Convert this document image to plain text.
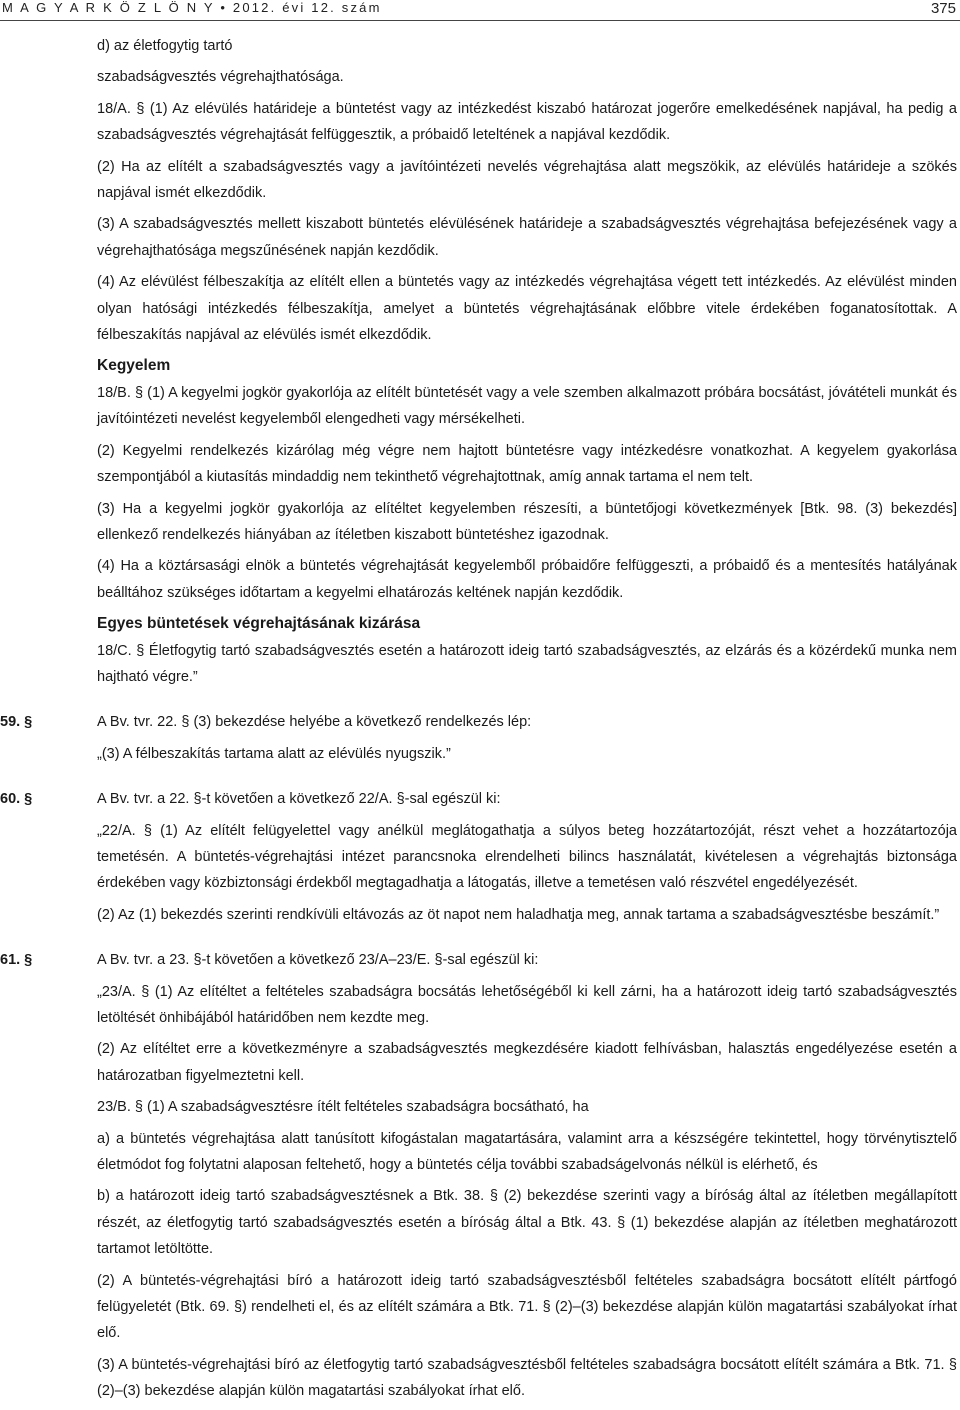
M A G Y A R K Ö Z L Ö N Y • 2012. évi 12. szám	375

d) az életfogytig tartó

szabadságvesztés végrehajthatósága.

18/A. § (1) Az elévülés határideje a büntetést vagy az intézkedést kiszabó határozat jogerőre emelkedésének napjával, ha pedig a szabadságvesztés végrehajtását felfüggesztik, a próbaidő leteltének a napjával kezdődik.

(2) Ha az elítélt a szabadságvesztés vagy a javítóintézeti nevelés végrehajtása alatt megszökik, az elévülés határideje a szökés napjával ismét elkezdődik.

(3) A szabadságvesztés mellett kiszabott büntetés elévülésének határideje a szabadságvesztés végrehajtása befejezésének vagy a végrehajthatósága megszűnésének napján kezdődik.

(4) Az elévülést félbeszakítja az elítélt ellen a büntetés vagy az intézkedés végrehajtása végett tett intézkedés. Az elévülést minden olyan hatósági intézkedés félbeszakítja, amelyet a büntetés végrehajtásának előbbre vitele érdekében foganatosítottak. A félbeszakítás napjával az elévülés ismét elkezdődik.

Kegyelem

18/B. § (1) A kegyelmi jogkör gyakorlója az elítélt büntetését vagy a vele szemben alkalmazott próbára bocsátást, jóvátételi munkát és javítóintézeti nevelést kegyelemből elengedheti vagy mérsékelheti.

(2) Kegyelmi rendelkezés kizárólag még végre nem hajtott büntetésre vagy intézkedésre vonatkozhat. A kegyelem gyakorlása szempontjából a kiutasítás mindaddig nem tekinthető végrehajtottnak, amíg annak tartama el nem telt.

(3) Ha a kegyelmi jogkör gyakorlója az elítéltet kegyelemben részesíti, a büntetőjogi következmények [Btk. 98. (3) bekezdés] ellenkező rendelkezés hiányában az ítéletben kiszabott büntetéshez igazodnak.

(4) Ha a köztársasági elnök a büntetés végrehajtását kegyelemből próbaidőre felfüggeszti, a próbaidő és a mentesítés hatályának beálltához szükséges időtartam a kegyelmi elhatározás keltének napján kezdődik.

Egyes büntetések végrehajtásának kizárása

18/C. § Életfogytig tartó szabadságvesztés esetén a határozott ideig tartó szabadságvesztés, az elzárás és a közérdekű munka nem hajtható végre.”

59. §	A Bv. tvr. 22. § (3) bekezdése helyébe a következő rendelkezés lép:

„(3) A félbeszakítás tartama alatt az elévülés nyugszik.”

60. §	A Bv. tvr. a 22. §-t követően a következő 22/A. §-sal egészül ki:

„22/A. § (1) Az elítélt felügyelettel vagy anélkül meglátogathatja a súlyos beteg hozzátartozóját, részt vehet a hozzátartozója temetésén. A büntetés-végrehajtási intézet parancsnoka elrendelheti bilincs használatát, kivételesen a végrehajtás biztonsága érdekében vagy közbiztonsági érdekből megtagadhatja a látogatás, illetve a temetésen való részvétel engedélyezését.

(2) Az (1) bekezdés szerinti rendkívüli eltávozás az öt napot nem haladhatja meg, annak tartama a szabadságvesztésbe beszámít.”

61. §	A Bv. tvr. a 23. §-t követően a következő 23/A–23/E. §-sal egészül ki:

„23/A. § (1) Az elítéltet a feltételes szabadságra bocsátás lehetőségéből ki kell zárni, ha a határozott ideig tartó szabadságvesztés letöltését önhibájából határidőben nem kezdte meg.

(2) Az elítéltet erre a következményre a szabadságvesztés megkezdésére kiadott felhívásban, halasztás engedélyezése esetén a határozatban figyelmeztetni kell.

23/B. § (1) A szabadságvesztésre ítélt feltételes szabadságra bocsátható, ha

a) a büntetés végrehajtása alatt tanúsított kifogástalan magatartására, valamint arra a készségére tekintettel, hogy törvénytisztelő életmódot fog folytatni alaposan feltehető, hogy a büntetés célja további szabadságelvonás nélkül is elérhető, és

b) a határozott ideig tartó szabadságvesztésnek a Btk. 38. § (2) bekezdése szerinti vagy a bíróság által az ítéletben megállapított részét, az életfogytig tartó szabadságvesztés esetén a bíróság által a Btk. 43. § (1) bekezdése alapján az ítéletben meghatározott tartamot letöltötte.

(2) A büntetés-végrehajtási bíró a határozott ideig tartó szabadságvesztésből feltételes szabadságra bocsátott elítélt pártfogó felügyeletét (Btk. 69. §) rendelheti el, és az elítélt számára a Btk. 71. § (2)–(3) bekezdése alapján külön magatartási szabályokat írhat elő.

(3) A büntetés-végrehajtási bíró az életfogytig tartó szabadságvesztésből feltételes szabadságra bocsátott elítélt számára a Btk. 71. § (2)–(3) bekezdése alapján külön magatartási szabályokat írhat elő.
